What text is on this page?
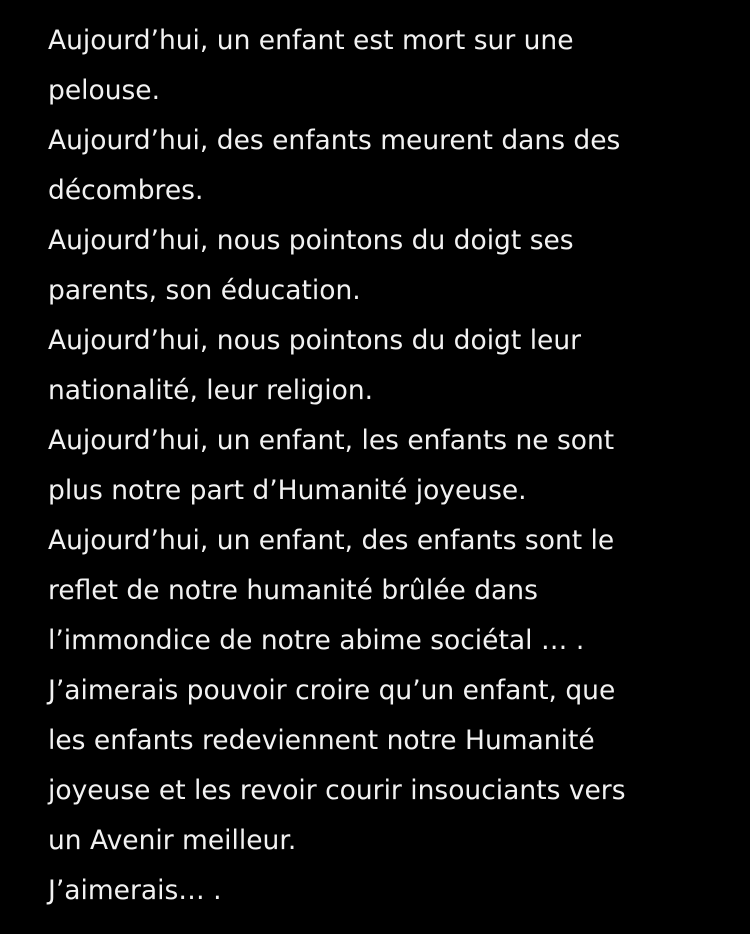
Aujourd’hui, un enfant est mort sur une
pelouse.
Aujourd’hui, des enfants meurent dans des
décombres.
Aujourd’hui, nous pointons du doigt ses
parents, son éducation.
Aujourd’hui, nous pointons du doigt leur
nationalité, leur religion.
Aujourd’hui, un enfant, les enfants ne sont
plus notre part d’Humanité joyeuse.
Aujourd’hui, un enfant, des enfants sont le
reflet de notre humanité brûlée dans
l’immondice de notre abime sociétal … .
J’aimerais pouvoir croire qu’un enfant, que
les enfants redeviennent notre Humanité
joyeuse et les revoir courir insouciants vers
un Avenir meilleur.
J’aimerais… .
